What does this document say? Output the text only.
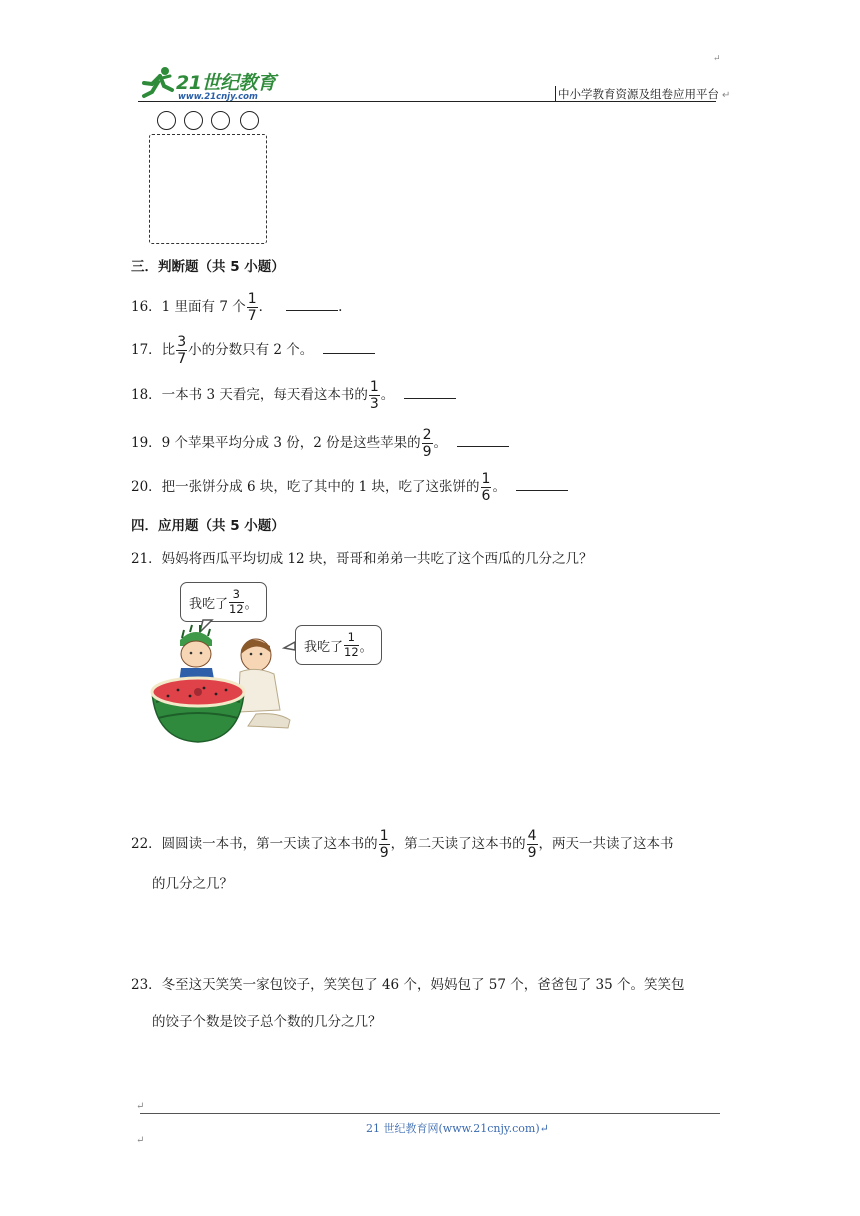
↵
21世纪教育
www.21cnjy.com	中小学教育资源及组卷应用平台 ↵
三．判断题（共 5 小题）
16．1 里面有 7 个 $\frac{1}{7}$ ．	.
17．比 $\frac{3}{7}$ 小的分数只有 2 个。
18．一本书 3 天看完，每天看这本书的 $\frac{1}{3}$ 。
19．9 个苹果平均分成 3 份，2 份是这些苹果的 $\frac{2}{9}$ 。
20．把一张饼分成 6 块，吃了其中的 1 块，吃了这张饼的 $\frac{1}{6}$ 。
四．应用题（共 5 小题）
21．妈妈将西瓜平均切成 12 块，哥哥和弟弟一共吃了这个西瓜的几分之几？
我吃了 $\frac{3}{12}$ 。
我吃了 $\frac{1}{12}$ 。
22．圆圆读一本书，第一天读了这本书的 $\frac{1}{9}$ ，第二天读了这本书的 $\frac{4}{9}$ ，两天一共读了这本书
的几分之几？
23．冬至这天笑笑一家包饺子，笑笑包了 46 个，妈妈包了 57 个，爸爸包了 35 个。笑笑包
的饺子个数是饺子总个数的几分之几？
↵
21 世纪教育网(www.21cnjy.com)↵
↵
